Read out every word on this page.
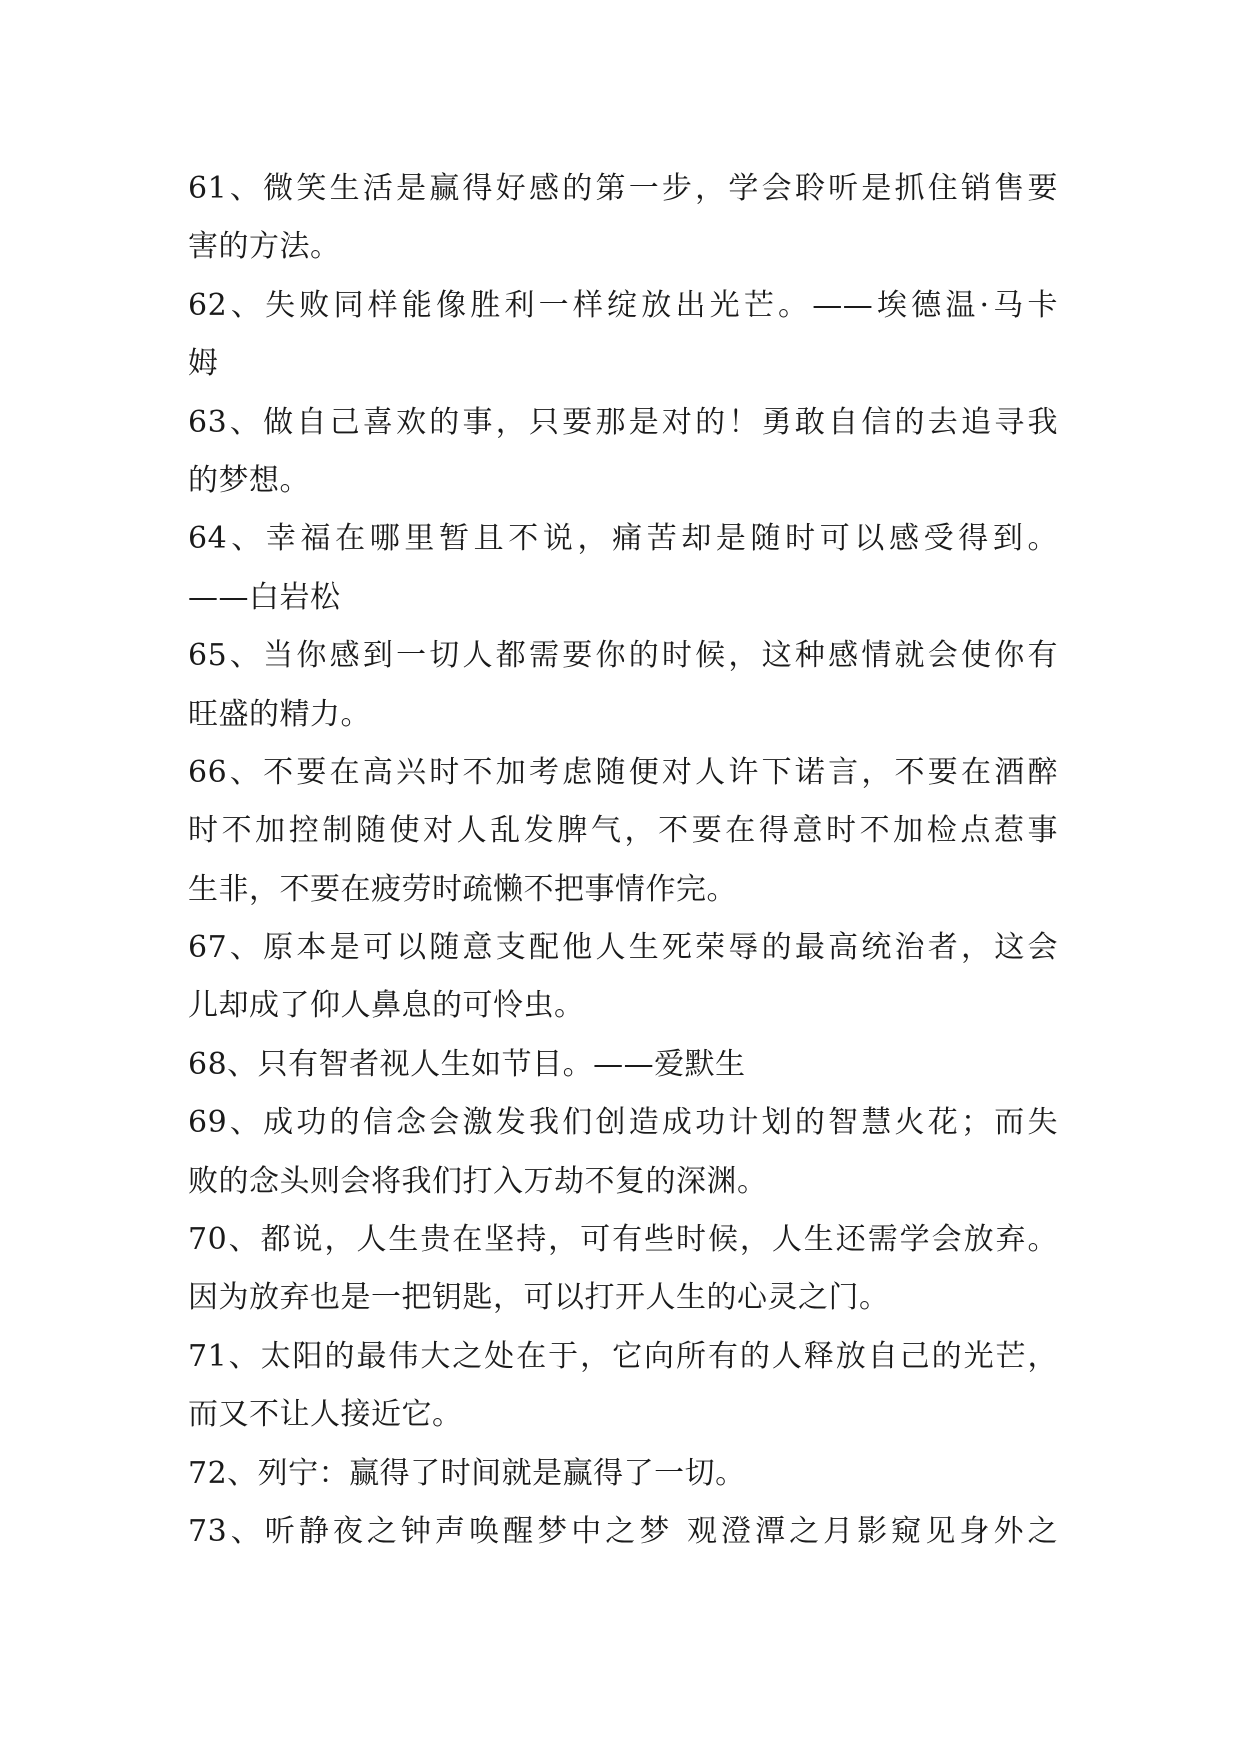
61、微笑生活是赢得好感的第一步，学会聆听是抓住销售要
害的方法。
62、失败同样能像胜利一样绽放出光芒。——埃德温·马卡
姆
63、做自己喜欢的事，只要那是对的！勇敢自信的去追寻我
的梦想。
64、幸福在哪里暂且不说，痛苦却是随时可以感受得到。
——白岩松
65、当你感到一切人都需要你的时候，这种感情就会使你有
旺盛的精力。
66、不要在高兴时不加考虑随便对人许下诺言，不要在酒醉
时不加控制随使对人乱发脾气，不要在得意时不加检点惹事
生非，不要在疲劳时疏懒不把事情作完。
67、原本是可以随意支配他人生死荣辱的最高统治者，这会
儿却成了仰人鼻息的可怜虫。
68、只有智者视人生如节目。——爱默生
69、成功的信念会激发我们创造成功计划的智慧火花；而失
败的念头则会将我们打入万劫不复的深渊。
70、都说，人生贵在坚持，可有些时候，人生还需学会放弃。
因为放弃也是一把钥匙，可以打开人生的心灵之门。
71、太阳的最伟大之处在于，它向所有的人释放自己的光芒，
而又不让人接近它。
72、列宁：赢得了时间就是赢得了一切。
73、听静夜之钟声唤醒梦中之梦 观澄潭之月影窥见身外之
